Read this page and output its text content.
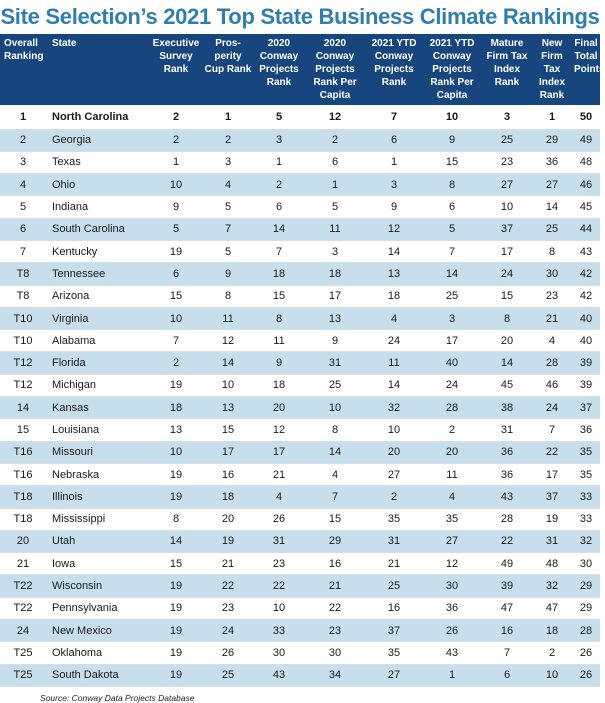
Site Selection’s 2021 Top State Business Climate Rankings
Overall Ranking	State	Executive Survey Rank	Pros-perity Cup Rank	2020 Conway Projects Rank	2020 Conway Projects Rank Per Capita	2021 YTD Conway Projects Rank	2021 YTD Conway Projects Rank Per Capita	Mature Firm Tax Index Rank	New Firm Tax Index Rank	Final Total Points
1	North Carolina	2	1	5	12	7	10	3	1	50
2	Georgia	2	2	3	2	6	9	25	29	49
3	Texas	1	3	1	6	1	15	23	36	48
4	Ohio	10	4	2	1	3	8	27	27	46
5	Indiana	9	5	6	5	9	6	10	14	45
6	South Carolina	5	7	14	11	12	5	37	25	44
7	Kentucky	19	5	7	3	14	7	17	8	43
T8	Tennessee	6	9	18	18	13	14	24	30	42
T8	Arizona	15	8	15	17	18	25	15	23	42
T10	Virginia	10	11	8	13	4	3	8	21	40
T10	Alabama	7	12	11	9	24	17	20	4	40
T12	Florida	2	14	9	31	11	40	14	28	39
T12	Michigan	19	10	18	25	14	24	45	46	39
14	Kansas	18	13	20	10	32	28	38	24	37
15	Louisiana	13	15	12	8	10	2	31	7	36
T16	Missouri	10	17	17	14	20	20	36	22	35
T16	Nebraska	19	16	21	4	27	11	36	17	35
T18	Illinois	19	18	4	7	2	4	43	37	33
T18	Mississippi	8	20	26	15	35	35	28	19	33
20	Utah	14	19	31	29	31	27	22	31	32
21	Iowa	15	21	23	16	21	12	49	48	30
T22	Wisconsin	19	22	22	21	25	30	39	32	29
T22	Pennsylvania	19	23	10	22	16	36	47	47	29
24	New Mexico	19	24	33	23	37	26	16	18	28
T25	Oklahoma	19	26	30	30	35	43	7	2	26
T25	South Dakota	19	25	43	34	27	1	6	10	26
Source: Conway Data Projects Database
